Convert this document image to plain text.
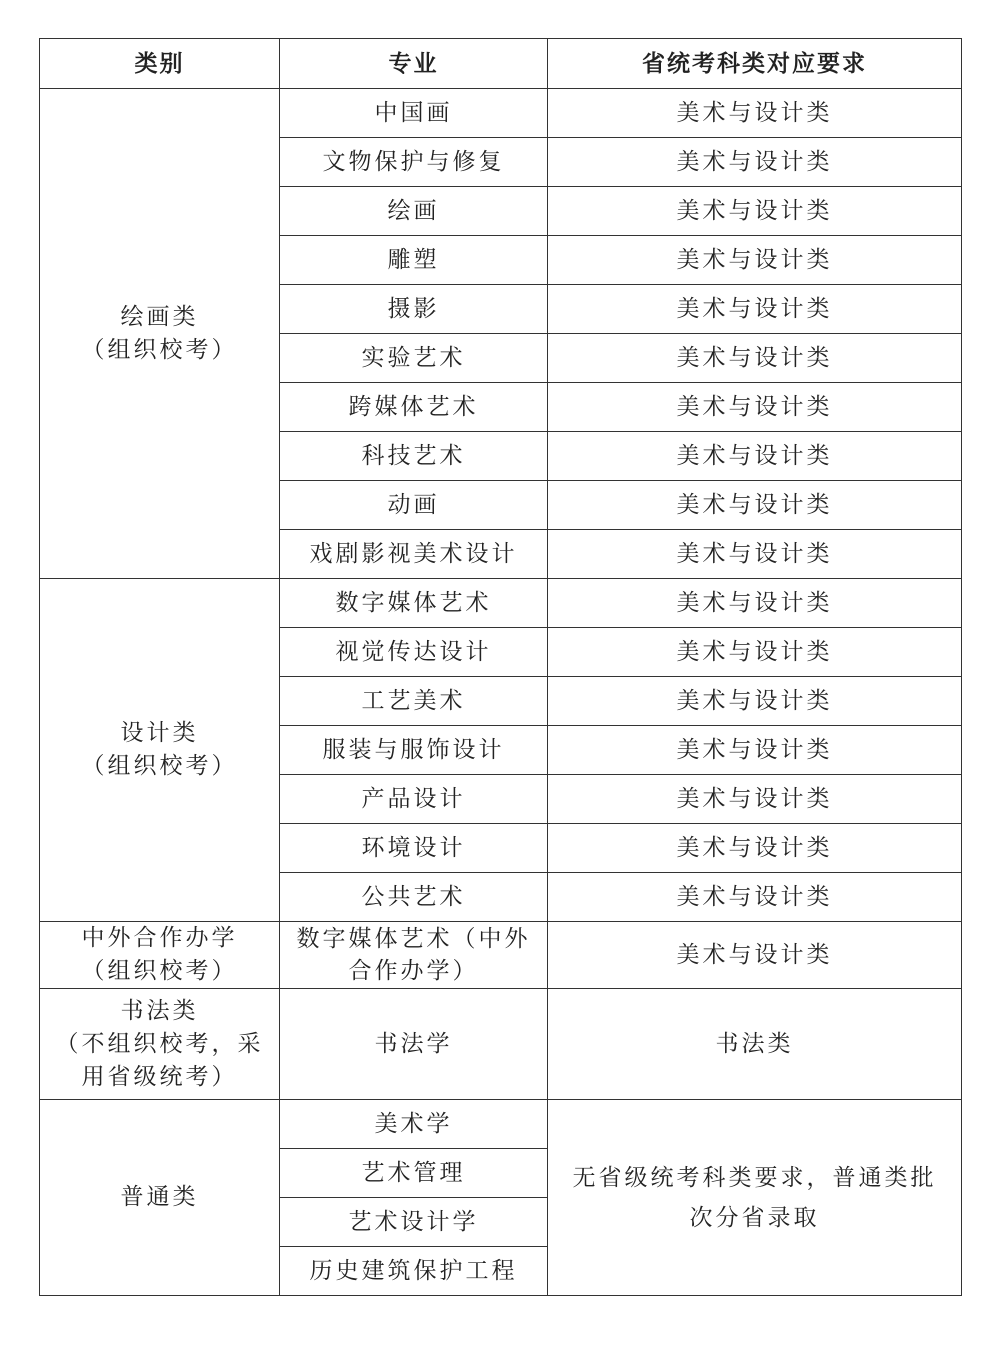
类别	专业	省统考科类对应要求

绘画类
（组织校考）	中国画	美术与设计类
	文物保护与修复	美术与设计类
	绘画	美术与设计类
	雕塑	美术与设计类
	摄影	美术与设计类
	实验艺术	美术与设计类
	跨媒体艺术	美术与设计类
	科技艺术	美术与设计类
	动画	美术与设计类
	戏剧影视美术设计	美术与设计类

设计类
（组织校考）	数字媒体艺术	美术与设计类
	视觉传达设计	美术与设计类
	工艺美术	美术与设计类
	服装与服饰设计	美术与设计类
	产品设计	美术与设计类
	环境设计	美术与设计类
	公共艺术	美术与设计类

中外合作办学
（组织校考）	数字媒体艺术（中外合作办学）	美术与设计类

书法类
（不组织校考，采用省级统考）	书法学	书法类
普通类	美术学	无省级统考科类要求，普通类批次分省录取
	艺术管理	
	艺术设计学	
	历史建筑保护工程	
